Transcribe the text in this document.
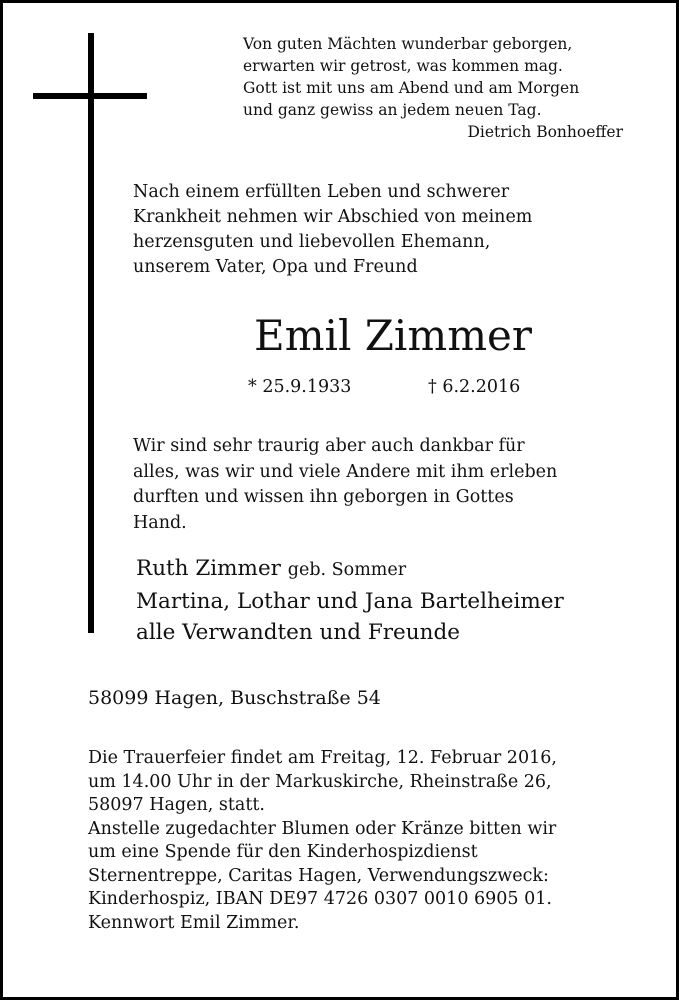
Von guten Mächten wunderbar geborgen,
erwarten wir getrost, was kommen mag.
Gott ist mit uns am Abend und am Morgen
und ganz gewiss an jedem neuen Tag.
Dietrich Bonhoeffer
Nach einem erfüllten Leben und schwerer
Krankheit nehmen wir Abschied von meinem
herzensguten und liebevollen Ehemann,
unserem Vater, Opa und Freund
Emil Zimmer
* 25.9.1933	† 6.2.2016
Wir sind sehr traurig aber auch dankbar für
alles, was wir und viele Andere mit ihm erleben
durften und wissen ihn geborgen in Gottes
Hand.
Ruth Zimmer geb. Sommer
Martina, Lothar und Jana Bartelheimer
alle Verwandten und Freunde
58099 Hagen, Buschstraße 54
Die Trauerfeier findet am Freitag, 12. Februar 2016,
um 14.00 Uhr in der Markuskirche, Rheinstraße 26,
58097 Hagen, statt.
Anstelle zugedachter Blumen oder Kränze bitten wir
um eine Spende für den Kinderhospizdienst
Sternentreppe, Caritas Hagen, Verwendungszweck:
Kinderhospiz, IBAN DE97 4726 0307 0010 6905 01.
Kennwort Emil Zimmer.
